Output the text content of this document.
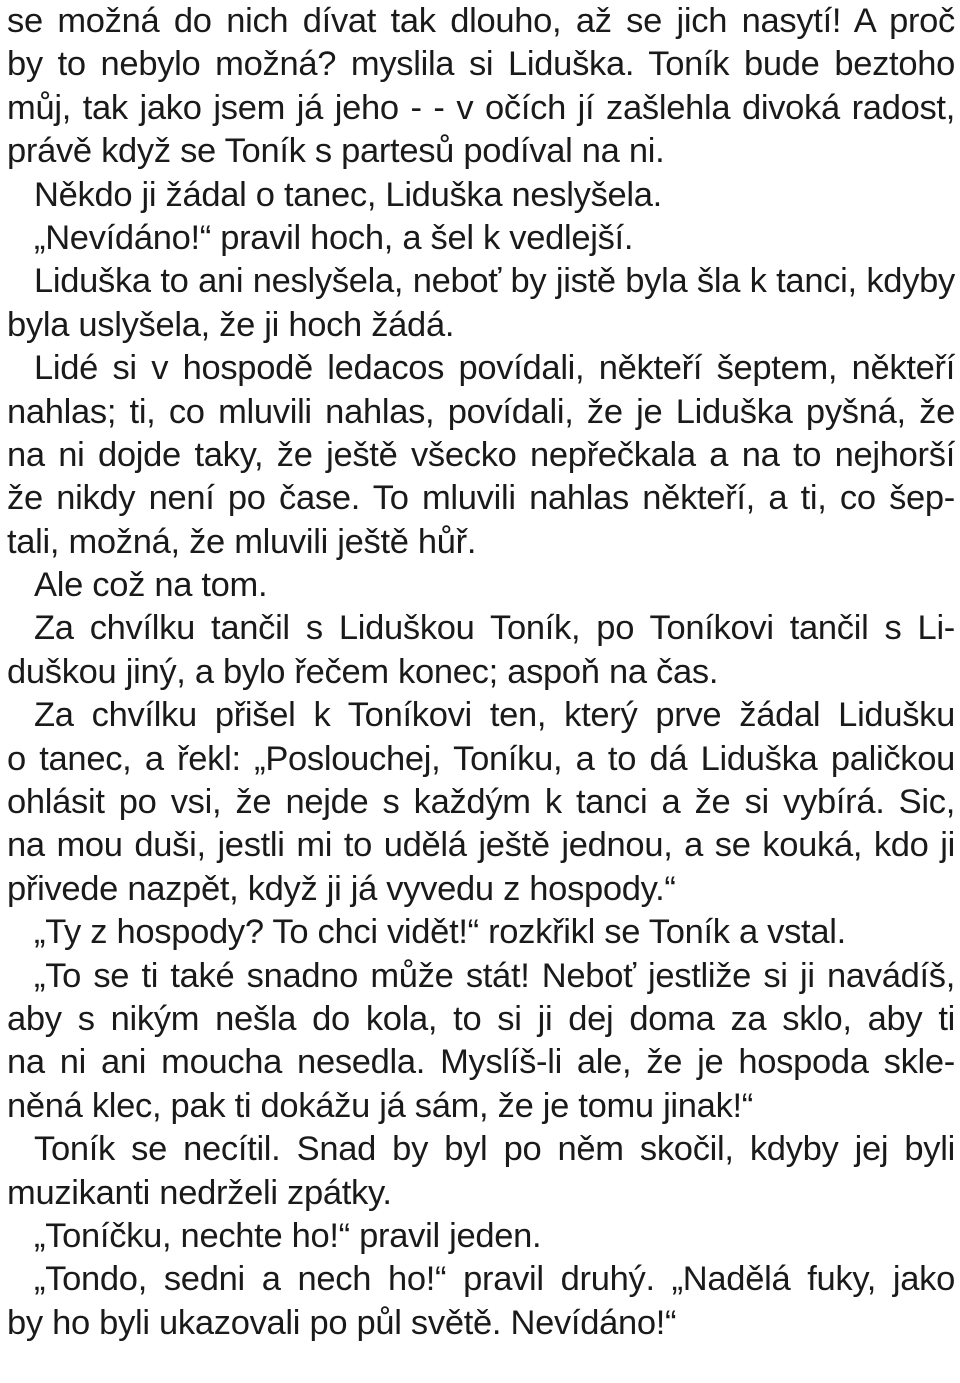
se možná do nich dívat tak dlouho, až se jich nasytí! A proč
by to nebylo možná? myslila si Liduška. Toník bude beztoho
můj, tak jako jsem já jeho - - v očích jí zašlehla divoká radost,
právě když se Toník s partesů podíval na ni.
Někdo ji žádal o tanec, Liduška neslyšela.
„Nevídáno!“ pravil hoch, a šel k vedlejší.
Liduška to ani neslyšela, neboť by jistě byla šla k tanci, kdyby
byla uslyšela, že ji hoch žádá.
Lidé si v hospodě ledacos povídali, někteří šeptem, někteří
nahlas; ti, co mluvili nahlas, povídali, že je Liduška pyšná, že
na ni dojde taky, že ještě všecko nepřečkala a na to nejhorší
že nikdy není po čase. To mluvili nahlas někteří, a ti, co šep-
tali, možná, že mluvili ještě hůř.
Ale což na tom.
Za chvílku tančil s Liduškou Toník, po Toníkovi tančil s Li-
duškou jiný, a bylo řečem konec; aspoň na čas.
Za chvílku přišel k Toníkovi ten, který prve žádal Lidušku
o tanec, a řekl: „Poslouchej, Toníku, a to dá Liduška paličkou
ohlásit po vsi, že nejde s každým k tanci a že si vybírá. Sic,
na mou duši, jestli mi to udělá ještě jednou, a se kouká, kdo ji
přivede nazpět, když ji já vyvedu z hospody.“
„Ty z hospody? To chci vidět!“ rozkřikl se Toník a vstal.
„To se ti také snadno může stát! Neboť jestliže si ji navádíš,
aby s nikým nešla do kola, to si ji dej doma za sklo, aby ti
na ni ani moucha nesedla. Myslíš-li ale, že je hospoda skle-
něná klec, pak ti dokážu já sám, že je tomu jinak!“
Toník se necítil. Snad by byl po něm skočil, kdyby jej byli
muzikanti nedrželi zpátky.
„Toníčku, nechte ho!“ pravil jeden.
„Tondo, sedni a nech ho!“ pravil druhý. „Nadělá fuky, jako
by ho byli ukazovali po půl světě. Nevídáno!“
